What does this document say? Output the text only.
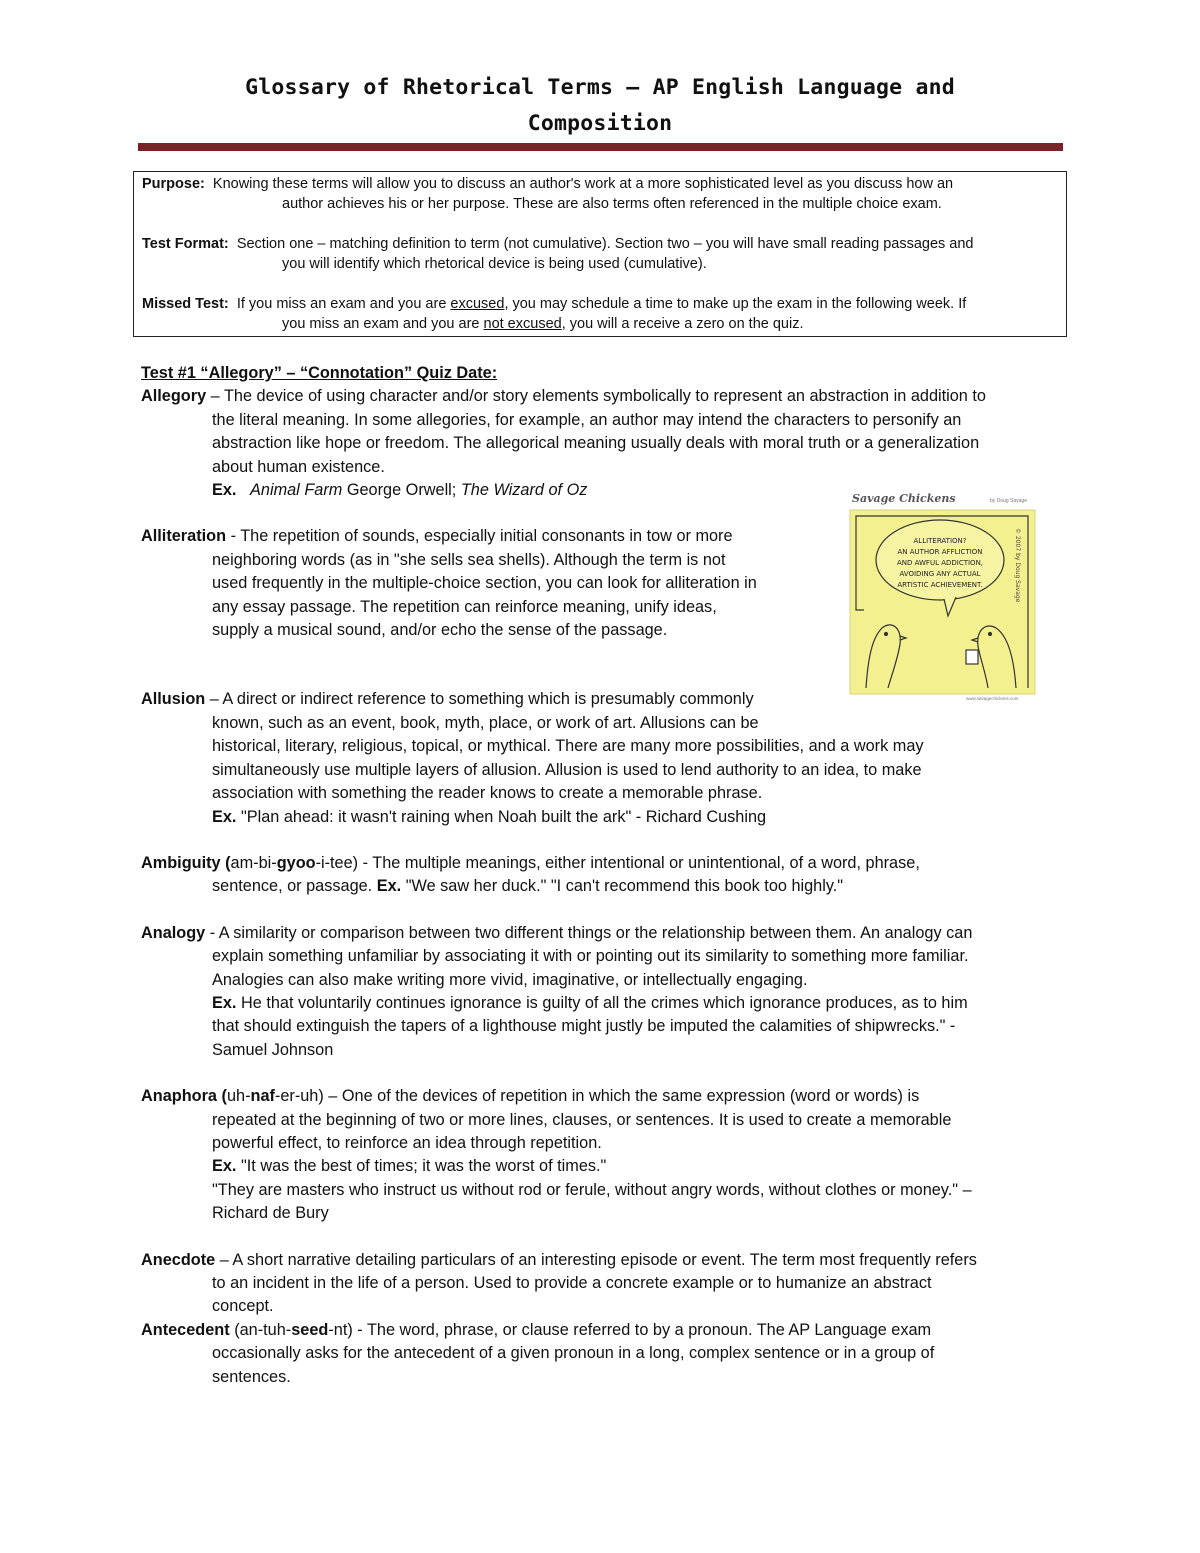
Glossary of Rhetorical Terms – AP English Language and
Composition
Purpose: Knowing these terms will allow you to discuss an author's work at a more sophisticated level as you discuss how an
author achieves his or her purpose. These are also terms often referenced in the multiple choice exam.
Test Format: Section one – matching definition to term (not cumulative). Section two – you will have small reading passages and
you will identify which rhetorical device is being used (cumulative).
Missed Test: If you miss an exam and you are excused, you may schedule a time to make up the exam in the following week. If
you miss an exam and you are not excused, you will a receive a zero on the quiz.
Test #1 “Allegory” – “Connotation” Quiz Date:
Allegory – The device of using character and/or story elements symbolically to represent an abstraction in addition to
the literal meaning. In some allegories, for example, an author may intend the characters to personify an
abstraction like hope or freedom. The allegorical meaning usually deals with moral truth or a generalization
about human existence.
Ex. Animal Farm George Orwell; The Wizard of Oz
Alliteration - The repetition of sounds, especially initial consonants in tow or more
neighboring words (as in "she sells sea shells). Although the term is not
used frequently in the multiple-choice section, you can look for alliteration in
any essay passage. The repetition can reinforce meaning, unify ideas,
supply a musical sound, and/or echo the sense of the passage.
Allusion – A direct or indirect reference to something which is presumably commonly
known, such as an event, book, myth, place, or work of art. Allusions can be
historical, literary, religious, topical, or mythical. There are many more possibilities, and a work may
simultaneously use multiple layers of allusion. Allusion is used to lend authority to an idea, to make
association with something the reader knows to create a memorable phrase.
Ex. "Plan ahead: it wasn't raining when Noah built the ark" - Richard Cushing
Ambiguity (am-bi-gyoo-i-tee) - The multiple meanings, either intentional or unintentional, of a word, phrase,
sentence, or passage. Ex. "We saw her duck." "I can't recommend this book too highly."
Analogy - A similarity or comparison between two different things or the relationship between them. An analogy can
explain something unfamiliar by associating it with or pointing out its similarity to something more familiar.
Analogies can also make writing more vivid, imaginative, or intellectually engaging.
Ex. He that voluntarily continues ignorance is guilty of all the crimes which ignorance produces, as to him
that should extinguish the tapers of a lighthouse might justly be imputed the calamities of shipwrecks." -
Samuel Johnson
Anaphora (uh-naf-er-uh) – One of the devices of repetition in which the same expression (word or words) is
repeated at the beginning of two or more lines, clauses, or sentences. It is used to create a memorable
powerful effect, to reinforce an idea through repetition.
Ex. "It was the best of times; it was the worst of times."
"They are masters who instruct us without rod or ferule, without angry words, without clothes or money." –
Richard de Bury
Anecdote – A short narrative detailing particulars of an interesting episode or event. The term most frequently refers
to an incident in the life of a person. Used to provide a concrete example or to humanize an abstract
concept.
Antecedent (an-tuh-seed-nt) - The word, phrase, or clause referred to by a pronoun. The AP Language exam
occasionally asks for the antecedent of a given pronoun in a long, complex sentence or in a group of
sentences.
Savage Chickens	by Doug Savage
ALLITERATION?
AN AUTHOR AFFLICTION
AND AWFUL ADDICTION,
AVOIDING ANY ACTUAL
ARTISTIC ACHIEVEMENT.	© 2007 by Doug Savage
www.savagechickens.com
